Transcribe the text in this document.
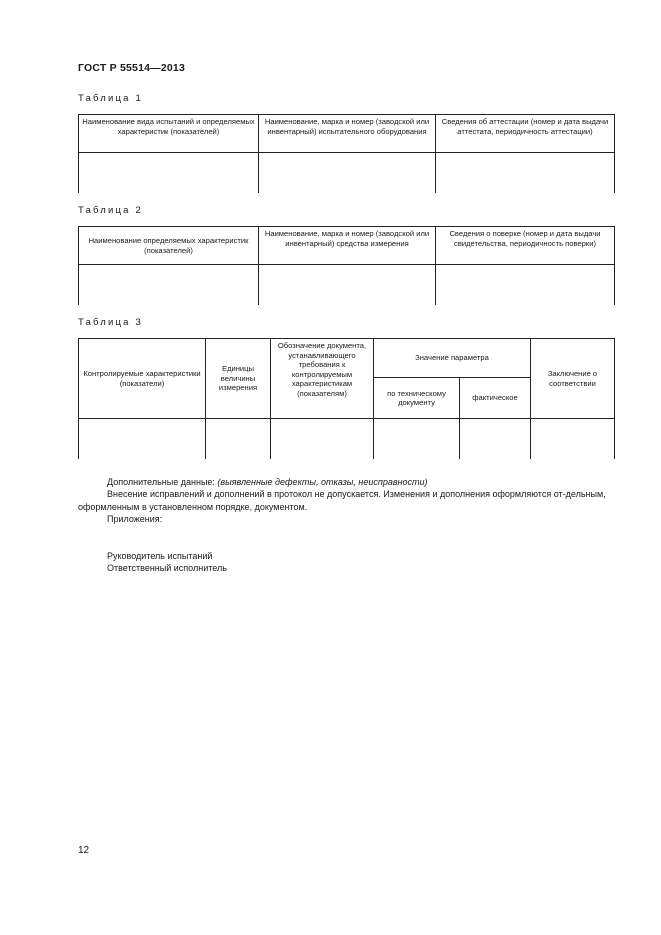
ГОСТ Р 55514—2013
Таблица 1
Наименование вида испытаний и определяемых характеристик (показателей)	Наименование, марка и номер (заводской или инвентарный) испытательного оборудования	Сведения об аттестации (номер и дата выдачи аттестата, периодичность аттестации)

Таблица 2
Наименование определяемых характеристик (показателей)	Наименование, марка и номер (заводской или инвентарный) средства измерения	Сведения о поверке (номер и дата выдачи свидетельства, периодичность поверки)

Таблица 3
Контролируемые характеристики (показатели)	Единицы величины измерения	Обозначение документа, устанавливающего требования к контролируемым характеристикам (показателям)	Значение параметра		Заключение о соответствии
			по техническому документу	фактическое	

Дополнительные данные: (выявленные дефекты, отказы, неисправности)
Внесение исправлений и дополнений в протокол не допускается. Изменения и дополнения оформляются от-дельным, оформленным в установленном порядке, документом.
Приложения:
Руководитель испытаний
Ответственный исполнитель
12
